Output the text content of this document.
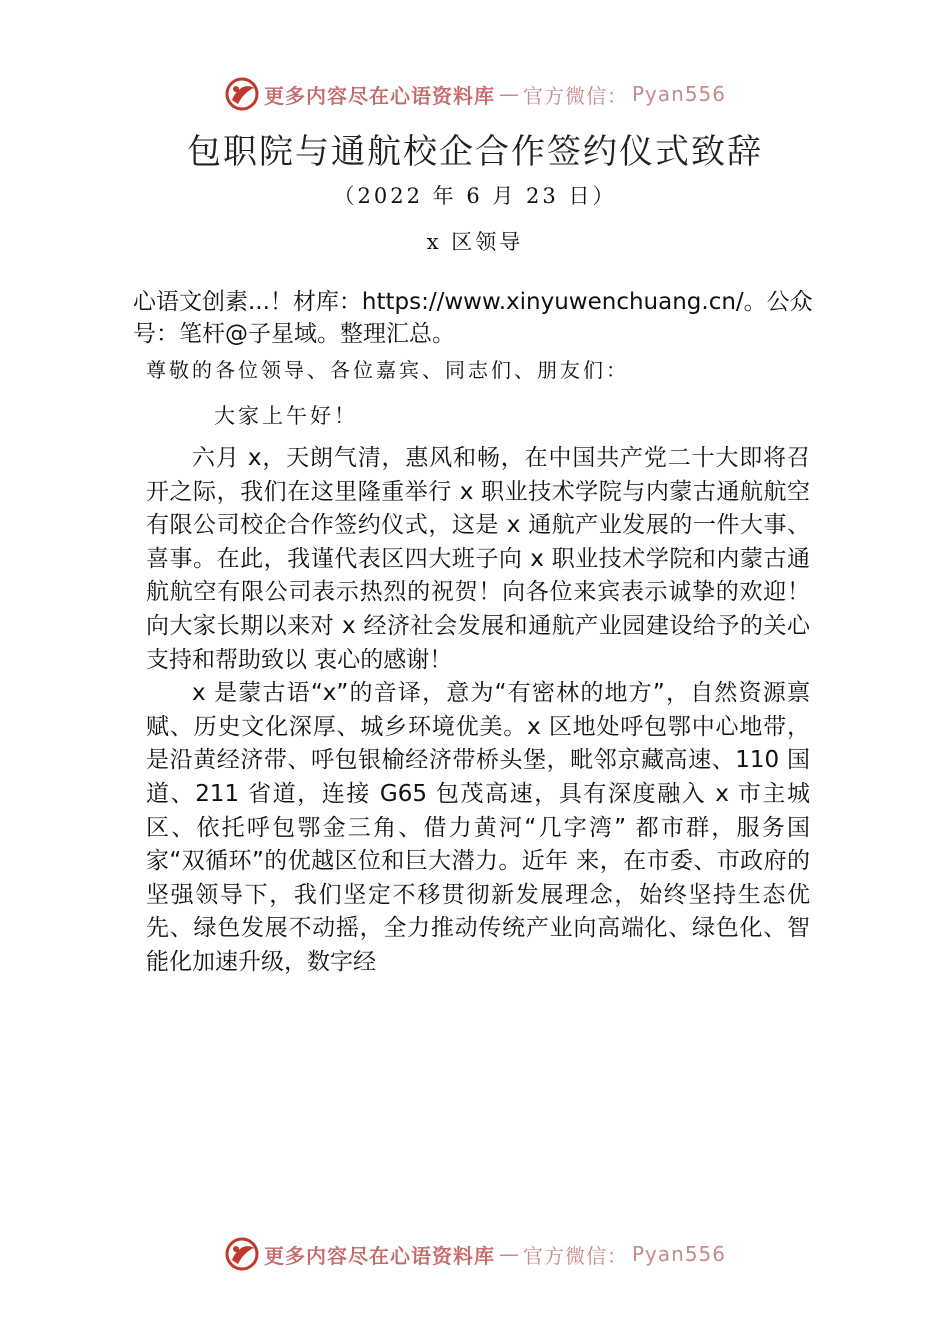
更多内容尽在心语资料库 — 官方微信： Pyan556
包职院与通航校企合作签约仪式致辞
（2022 年 6 月 23 日）
x 区领导
心语文创素...！材库：https://www.xinyuwenchuang.cn/。公众号：笔杆@子星域。整理汇总。
尊敬的各位领导、各位嘉宾、同志们、朋友们：
大家上午好！

六月 x，天朗气清，惠风和畅，在中国共产党二十大即将召开之际，我们在这里隆重举行 x 职业技术学院与内蒙古通航航空有限公司校企合作签约仪式，这是 x 通航产业发展的一件大事、喜事。在此，我谨代表区四大班子向 x 职业技术学院和内蒙古通航航空有限公司表示热烈的祝贺！向各位来宾表示诚挚的欢迎！向大家长期以来对 x 经济社会发展和通航产业园建设给予的关心支持和帮助致以 衷心的感谢！

x 是蒙古语“x”的音译，意为“有密林的地方”，自然资源禀赋、历史文化深厚、城乡环境优美。x 区地处呼包鄂中心地带，是沿黄经济带、呼包银榆经济带桥头堡，毗邻京藏高速、110 国道、211 省道，连接 G65 包茂高速，具有深度融入 x 市主城区、依托呼包鄂金三角、借力黄河“几字湾” 都市群，服务国家“双循环”的优越区位和巨大潜力。近年 来，在市委、市政府的坚强领导下，我们坚定不移贯彻新发展理念，始终坚持生态优先、绿色发展不动摇，全力推动传统产业向高端化、绿色化、智能化加速升级，数字经

更多内容尽在心语资料库 — 官方微信： Pyan556
